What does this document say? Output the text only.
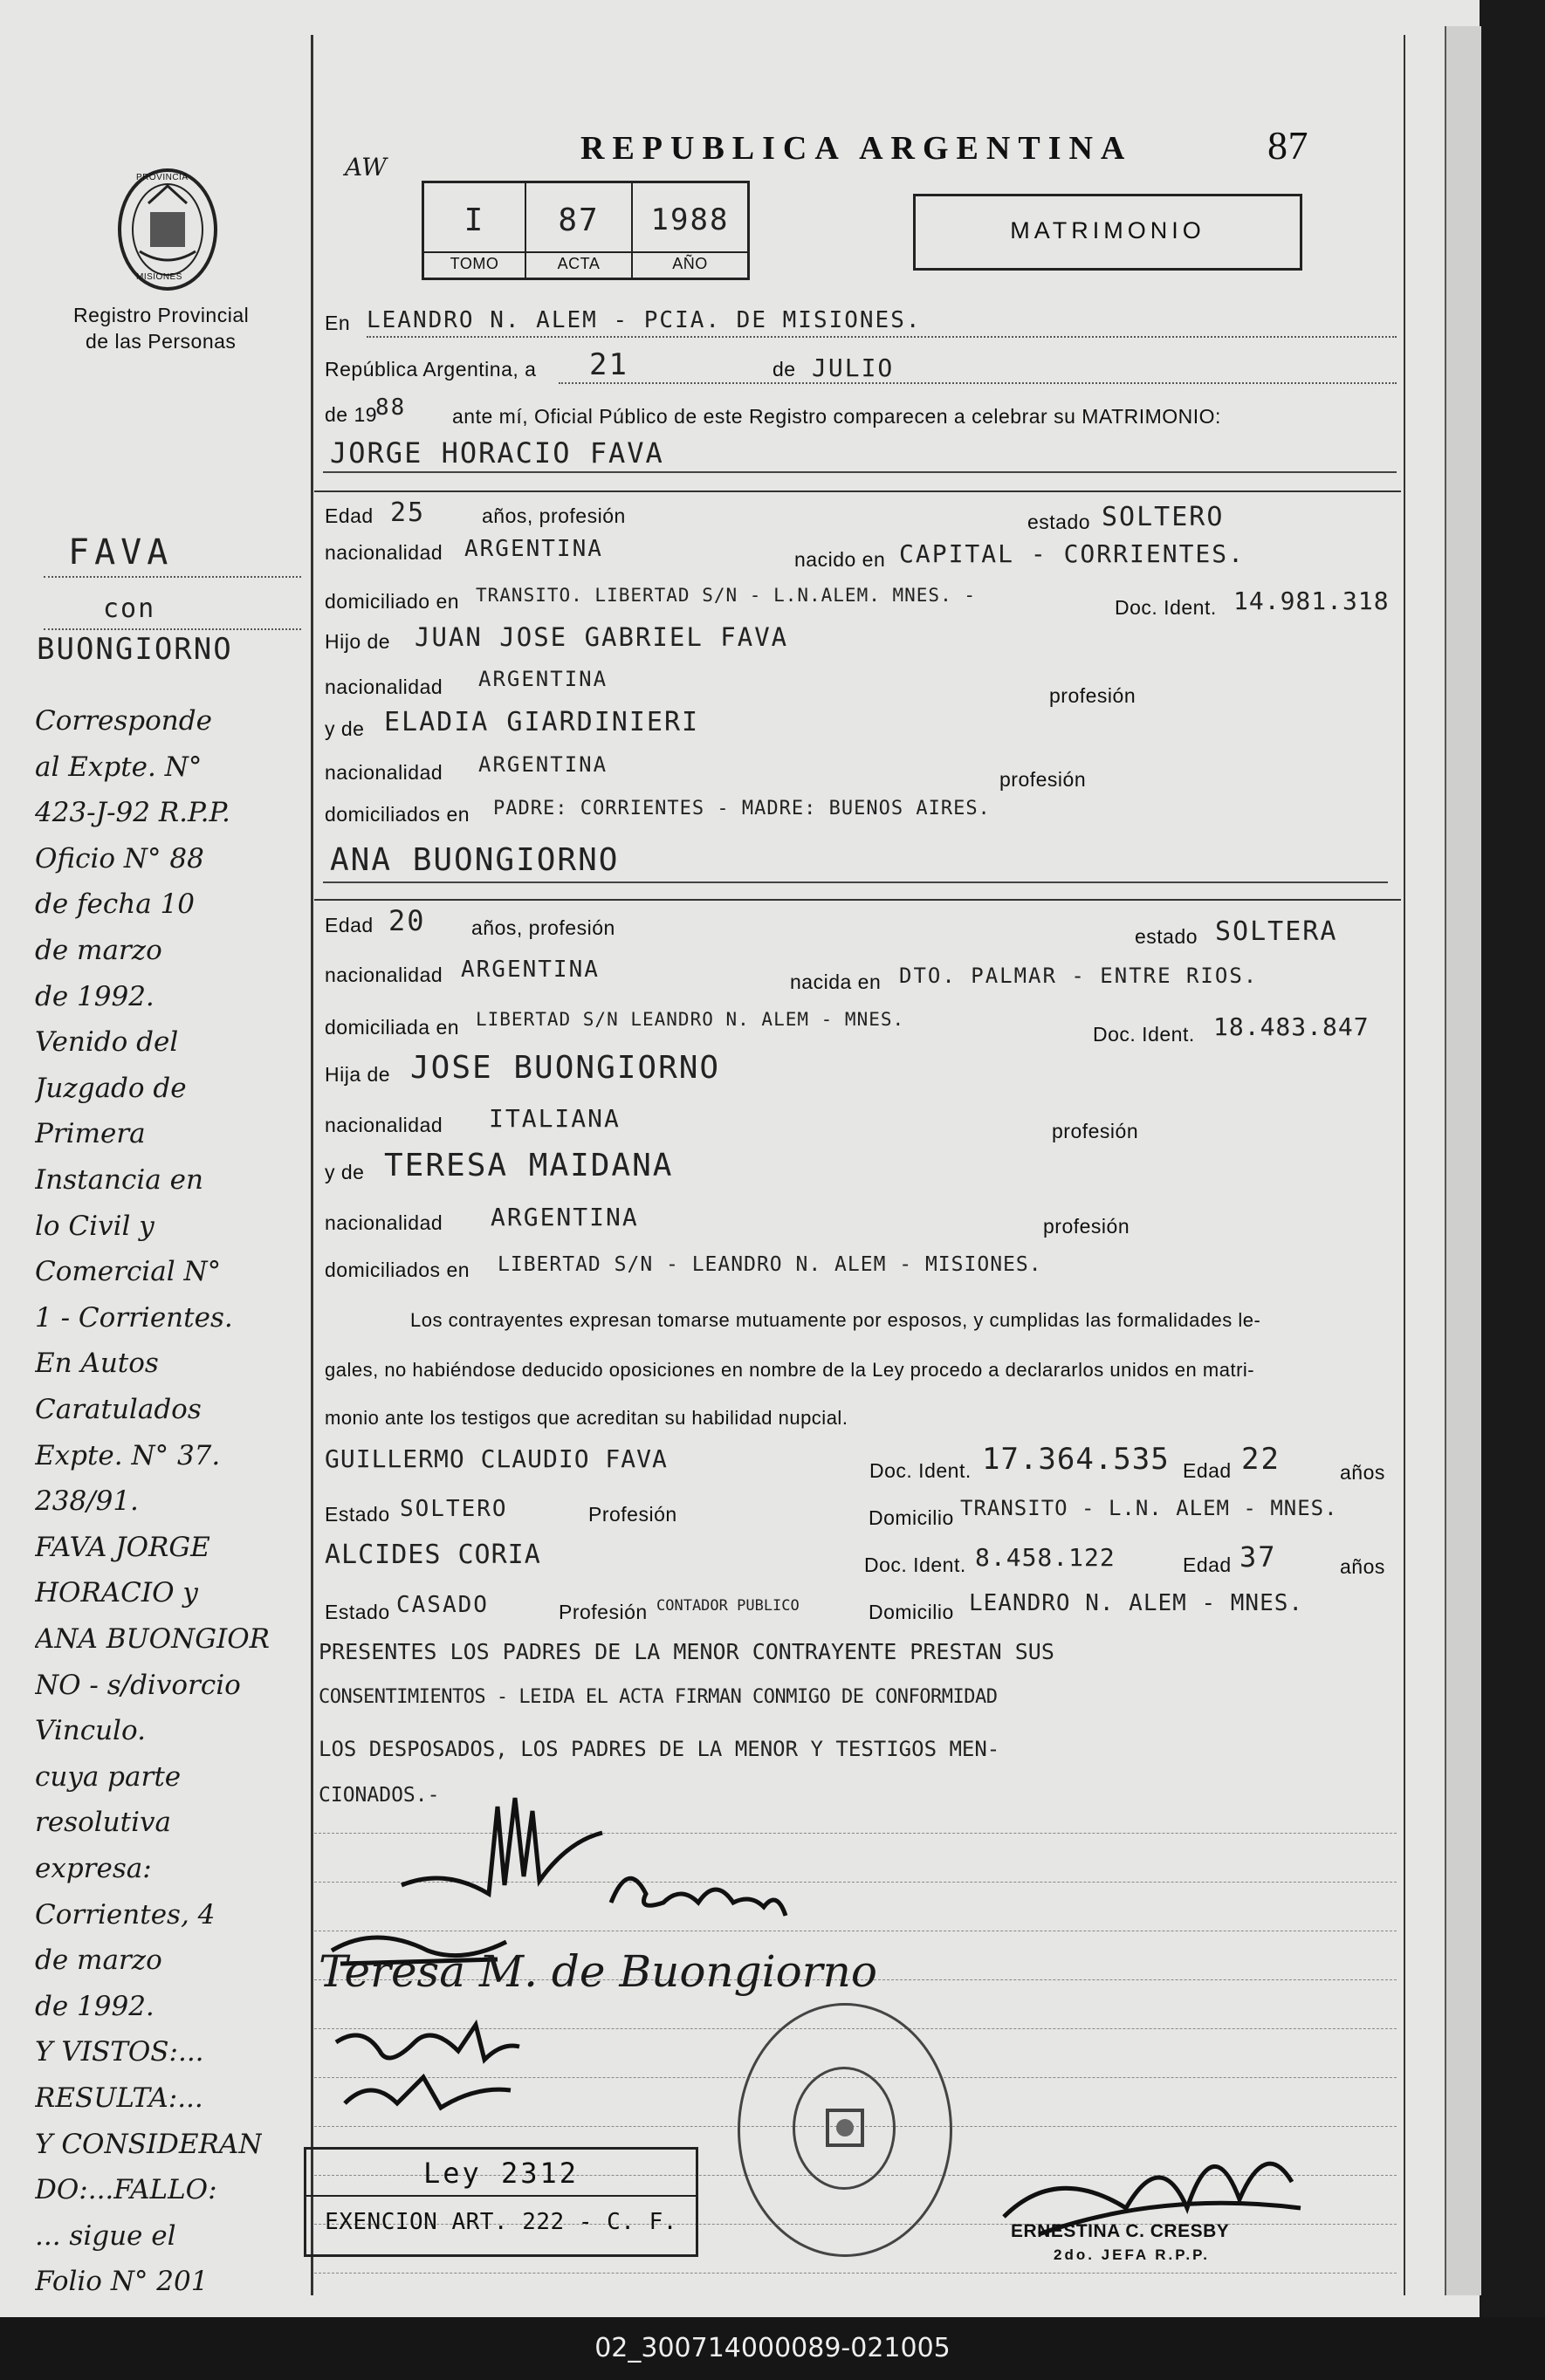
PROVINCIA
MISIONES
Registro Provincial
de las Personas
AW
REPUBLICA ARGENTINA	87
I	87	1988
TOMO	ACTA	AÑO
MATRIMONIO
En LEANDRO N. ALEM - PCIA. DE MISIONES.
República Argentina, a 21	de JULIO
de 19
88 ante mí, Oficial Público de este Registro comparecen a celebrar su MATRIMONIO:
JORGE HORACIO FAVA
Edad 25	años, profesión	estado SOLTERO
nacionalidad ARGENTINA	nacido en CAPITAL - CORRIENTES.
domiciliado en TRANSITO. LIBERTAD S/N - L.N.ALEM. MNES. -
Doc. Ident. 14.981.318
Hijo de JUAN JOSE GABRIEL FAVA
nacionalidad ARGENTINA
profesión
y de ELADIA GIARDINIERI
nacionalidad ARGENTINA
profesión
domiciliados en PADRE: CORRIENTES - MADRE: BUENOS AIRES.
ANA BUONGIORNO
Edad 20 años, profesión	estado SOLTERA
nacionalidad ARGENTINA	nacida en DTO. PALMAR - ENTRE RIOS.
domiciliada en LIBERTAD S/N LEANDRO N. ALEM - MNES.
Doc. Ident. 18.483.847
Hija de JOSE BUONGIORNO
nacionalidad ITALIANA	profesión
y de TERESA MAIDANA
nacionalidad ARGENTINA	profesión
domiciliados en LIBERTAD S/N - LEANDRO N. ALEM - MISIONES.
Los contrayentes expresan tomarse mutuamente por esposos, y cumplidas las formalidades le-
gales, no habiéndose deducido oposiciones en nombre de la Ley procedo a declararlos unidos en matri-
monio ante los testigos que acreditan su habilidad nupcial.
GUILLERMO CLAUDIO FAVA	Doc. Ident. 17.364.535 Edad 22	años
Estado SOLTERO	Profesión	Domicilio TRANSITO - L.N. ALEM - MNES.
ALCIDES CORIA	Doc. Ident. 8.458.122	Edad 37	años
Estado CASADO	Profesión CONTADOR PUBLICO	Domicilio LEANDRO N. ALEM - MNES.
PRESENTES LOS PADRES DE LA MENOR CONTRAYENTE PRESTAN SUS
CONSENTIMIENTOS - LEIDA EL ACTA FIRMAN CONMIGO DE CONFORMIDAD
LOS DESPOSADOS, LOS PADRES DE LA MENOR Y TESTIGOS MEN-
CIONADOS.-
Teresa M. de Buongiorno
ERNESTINA C. CRESBY
2do. JEFA R.P.P.
Ley 2312
EXENCION ART. 222 - C. F.
FAVA
con
BUONGIORNO
Corresponde
al Expte. N°
423-J-92 R.P.P.
Oficio N° 88
de fecha 10
de marzo
de 1992.
Venido del
Juzgado de
Primera
Instancia en
lo Civil y
Comercial N°
1 - Corrientes.
En Autos
Caratulados
Expte. N° 37.
238/91.
FAVA JORGE
HORACIO y
ANA BUONGIOR
NO - s/divorcio
Vinculo.
cuya parte
resolutiva
expresa:
Corrientes, 4
de marzo
de 1992.
Y VISTOS:...
RESULTA:...
Y CONSIDERAN
DO:...FALLO:
... sigue el
Folio N° 201
02_300714000089-021005
